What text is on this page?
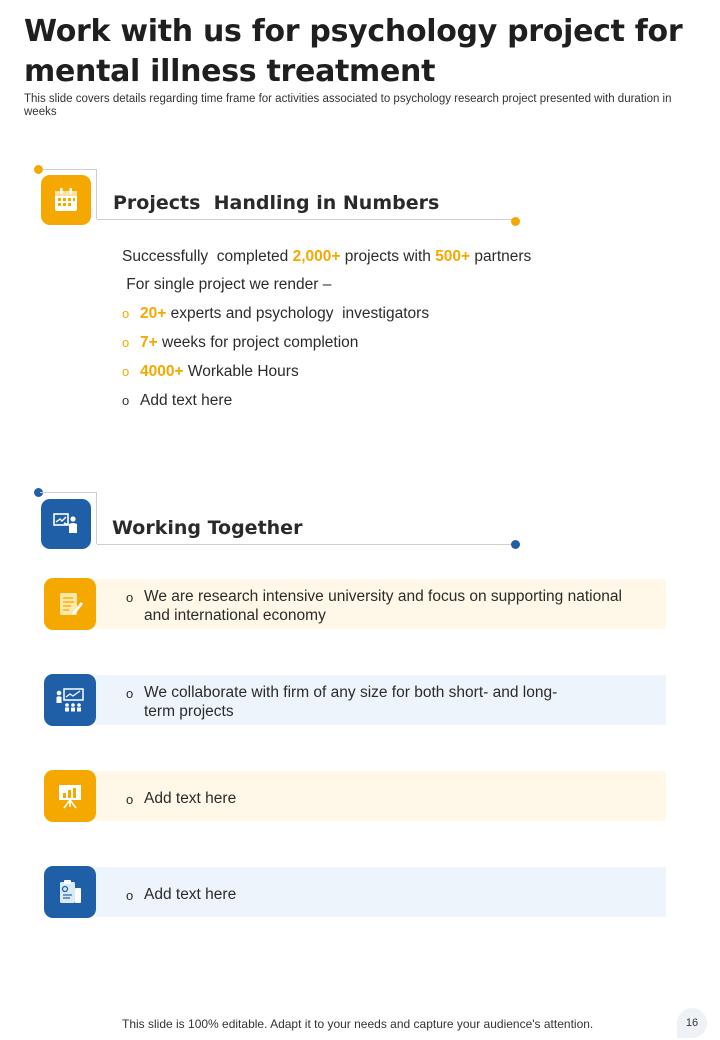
Work with us for psychology project for mental illness treatment
This slide covers details regarding time frame for activities associated to psychology research project presented with duration in weeks
Projects  Handling in Numbers
Successfully  completed 2,000+ projects with 500+ partners
For single project we render –
o 20+ experts and psychology  investigators
o 7+ weeks for project completion
o 4000+ Workable Hours
o Add text here
Working Together
o We are research intensive university and focus on supporting national and international economy
o We collaborate with firm of any size for both short- and long-term projects
o Add text here
o Add text here
This slide is 100% editable. Adapt it to your needs and capture your audience's attention.	16
